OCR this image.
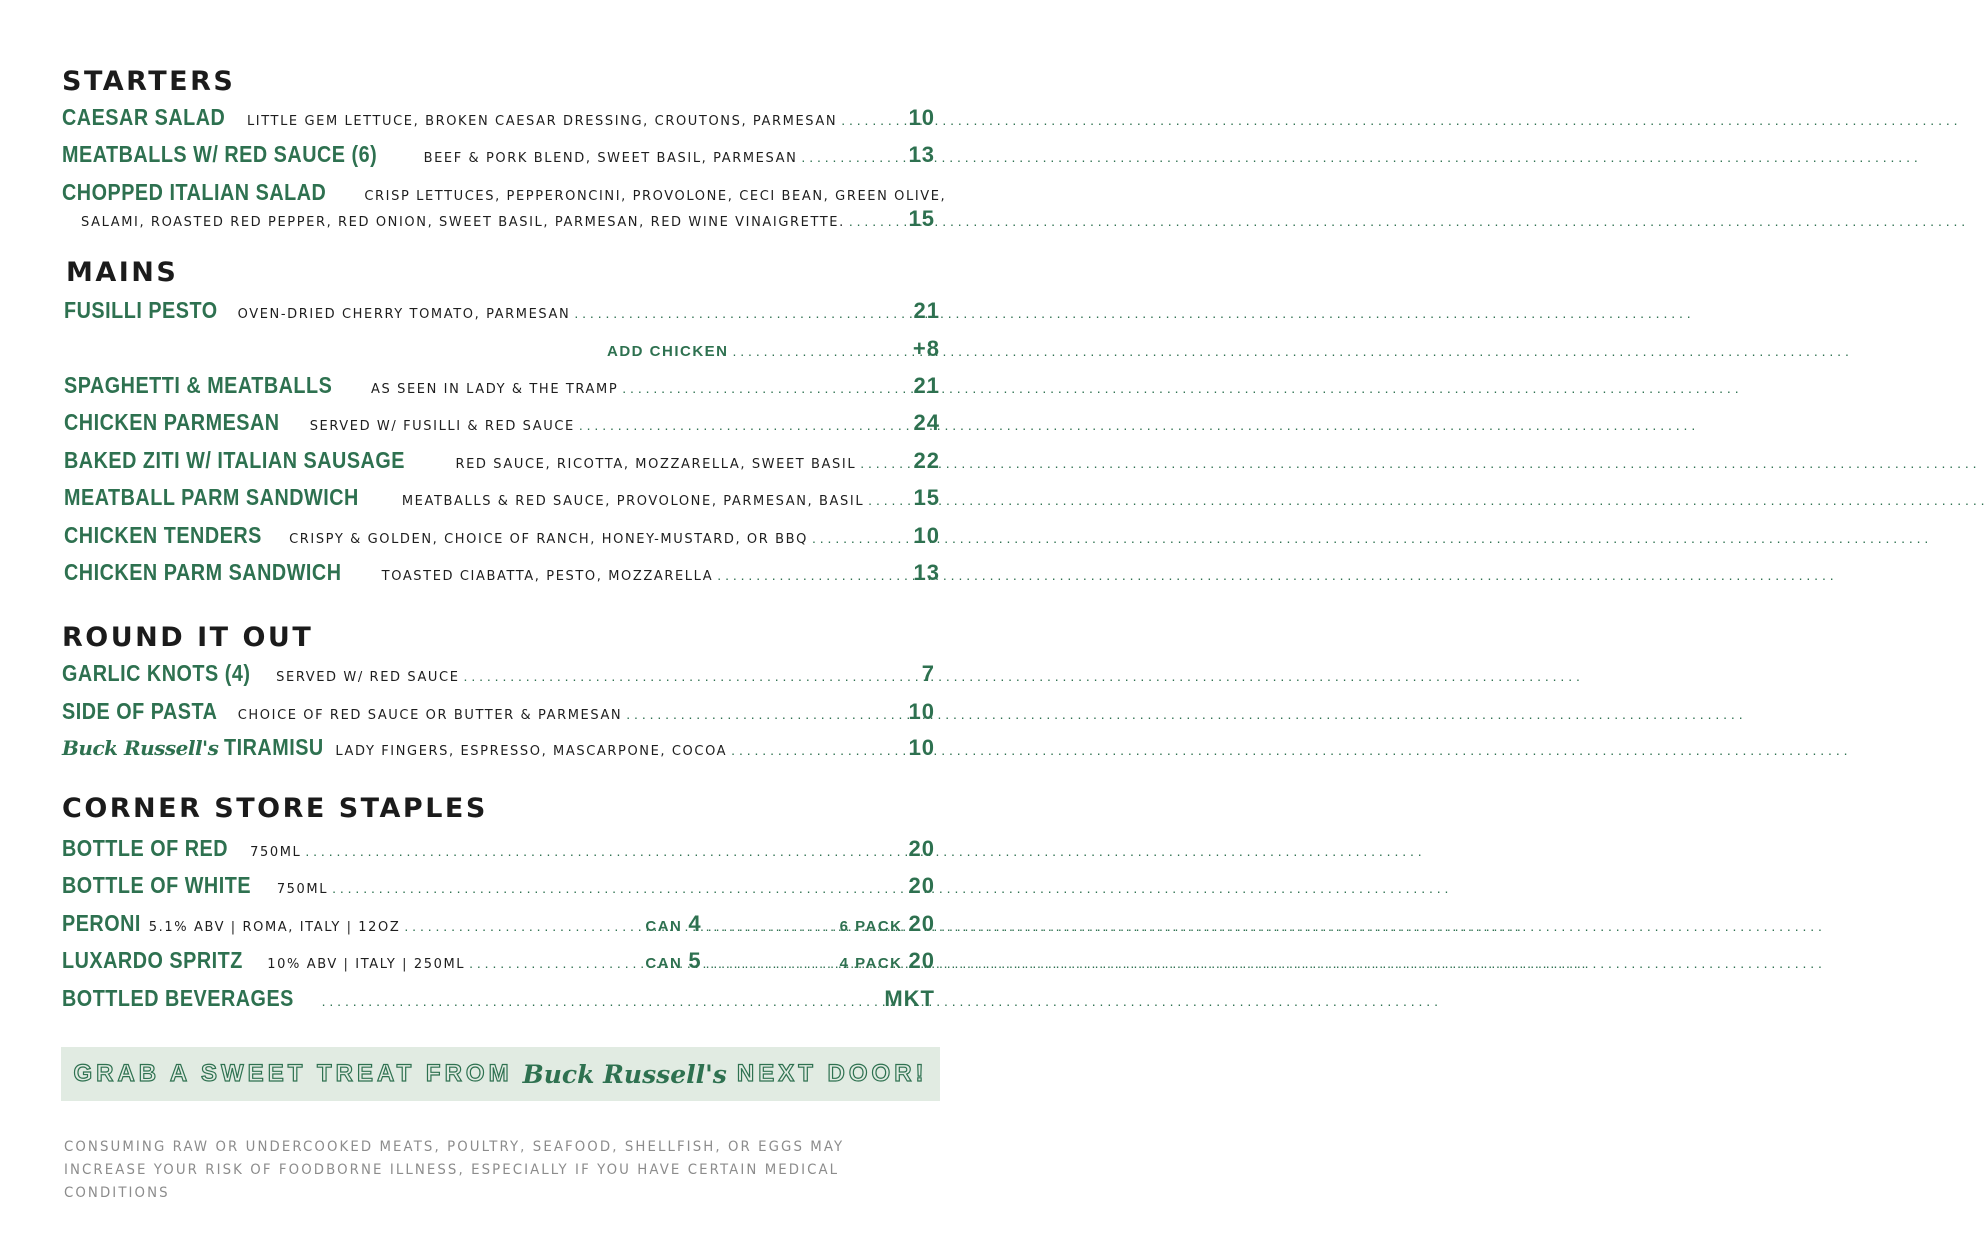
STARTERS
CAESAR SALAD LITTLE GEM LETTUCE, BROKEN CAESAR DRESSING, CROUTONS, PARMESAN . . .	10
MEATBALLS W/ RED SAUCE (6)	BEEF & PORK BLEND, SWEET BASIL, PARMESAN . . .	13
CHOPPED ITALIAN SALAD	CRISP LETTUCES, PEPPERONCINI, PROVOLONE, CECI BEAN, GREEN OLIVE,
SALAMI, ROASTED RED PEPPER, RED ONION, SWEET BASIL, PARMESAN, RED WINE VINAIGRETTE. . . .	15
MAINS
FUSILLI PESTO OVEN-DRIED CHERRY TOMATO, PARMESAN . . .	21
ADD CHICKEN . . .	+8
SPAGHETTI & MEATBALLS	AS SEEN IN LADY & THE TRAMP . . .	21
CHICKEN PARMESAN SERVED W/ FUSILLI & RED SAUCE . . .	24
BAKED ZITI W/ ITALIAN SAUSAGE	RED SAUCE, RICOTTA, MOZZARELLA, SWEET BASIL . . .	22
MEATBALL PARM SANDWICH	MEATBALLS & RED SAUCE, PROVOLONE, PARMESAN, BASIL . . . 15
CHICKEN TENDERS CRISPY & GOLDEN, CHOICE OF RANCH, HONEY-MUSTARD, OR BBQ . . .	10
CHICKEN PARM SANDWICH	TOASTED CIABATTA, PESTO, MOZZARELLA . . .	13
ROUND IT OUT
GARLIC KNOTS (4) SERVED W/ RED SAUCE . . .	7
SIDE OF PASTA CHOICE OF RED SAUCE OR BUTTER & PARMESAN . . .	10
Buck Russell's TIRAMISU LADY FINGERS, ESPRESSO, MASCARPONE, COCOA . . .	10
CORNER STORE STAPLES
BOTTLE OF RED 750ML . . .	20
BOTTLE OF WHITE 750ML . . .	20
PERONI 5.1% ABV | ROMA, ITALY | 12OZ . . .	CAN 4 . . .	6 PACK 20
LUXARDO SPRITZ 10% ABV | ITALY | 250ML . . .	CAN 5 . . .	4 PACK 20
BOTTLED BEVERAGES . . .	MKT
GRAB A SWEET TREAT FROM Buck Russell's NEXT DOOR!

CONSUMING RAW OR UNDERCOOKED MEATS, POULTRY, SEAFOOD, SHELLFISH, OR EGGS MAY INCREASE YOUR RISK OF FOODBORNE ILLNESS, ESPECIALLY IF YOU HAVE CERTAIN MEDICAL CONDITIONS
